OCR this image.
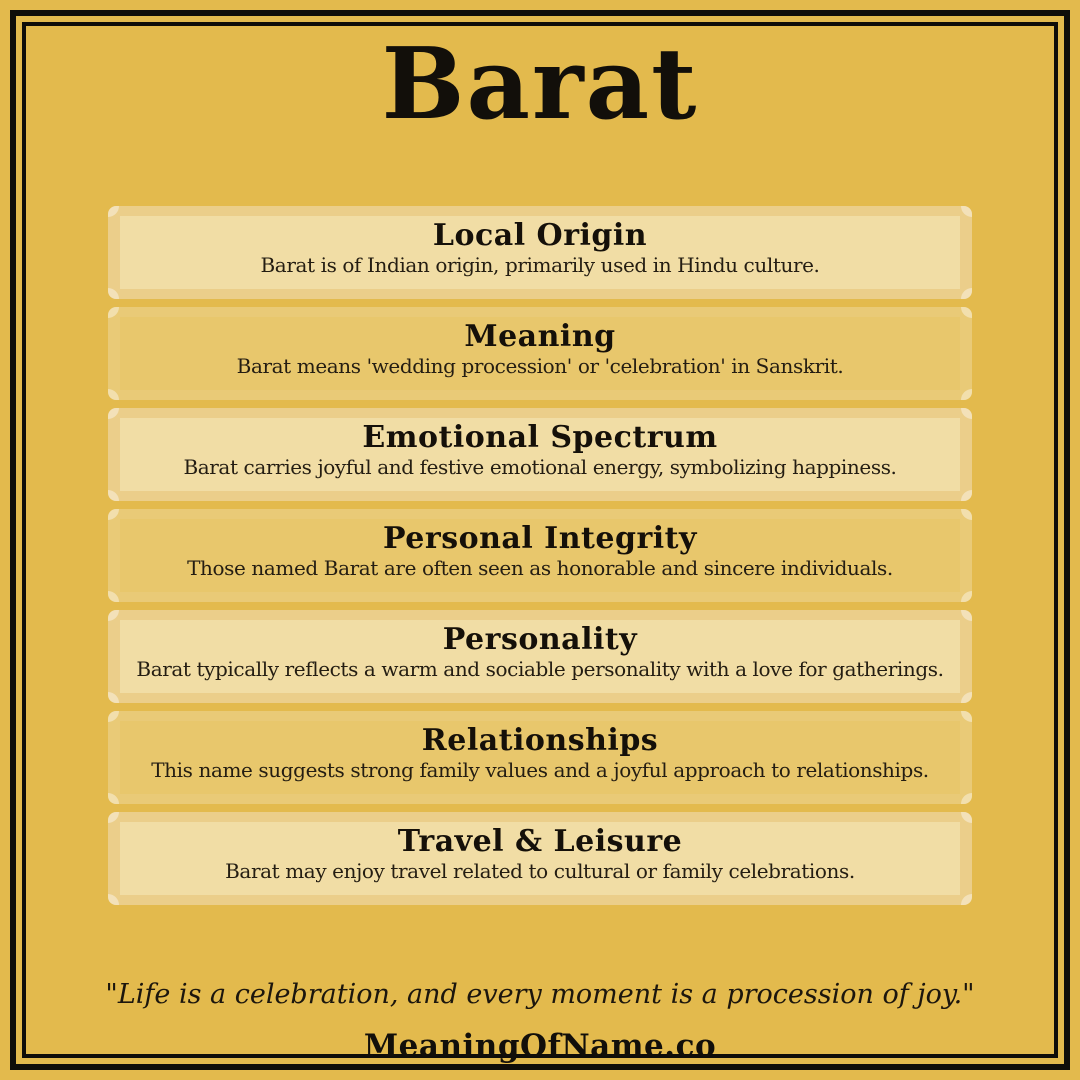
Barat
Local Origin
Barat is of Indian origin, primarily used in Hindu culture.
Meaning
Barat means 'wedding procession' or 'celebration' in Sanskrit.
Emotional Spectrum
Barat carries joyful and festive emotional energy, symbolizing happiness.
Personal Integrity
Those named Barat are often seen as honorable and sincere individuals.
Personality
Barat typically reflects a warm and sociable personality with a love for gatherings.
Relationships
This name suggests strong family values and a joyful approach to relationships.
Travel & Leisure
Barat may enjoy travel related to cultural or family celebrations.
"Life is a celebration, and every moment is a procession of joy."
MeaningOfName.co
